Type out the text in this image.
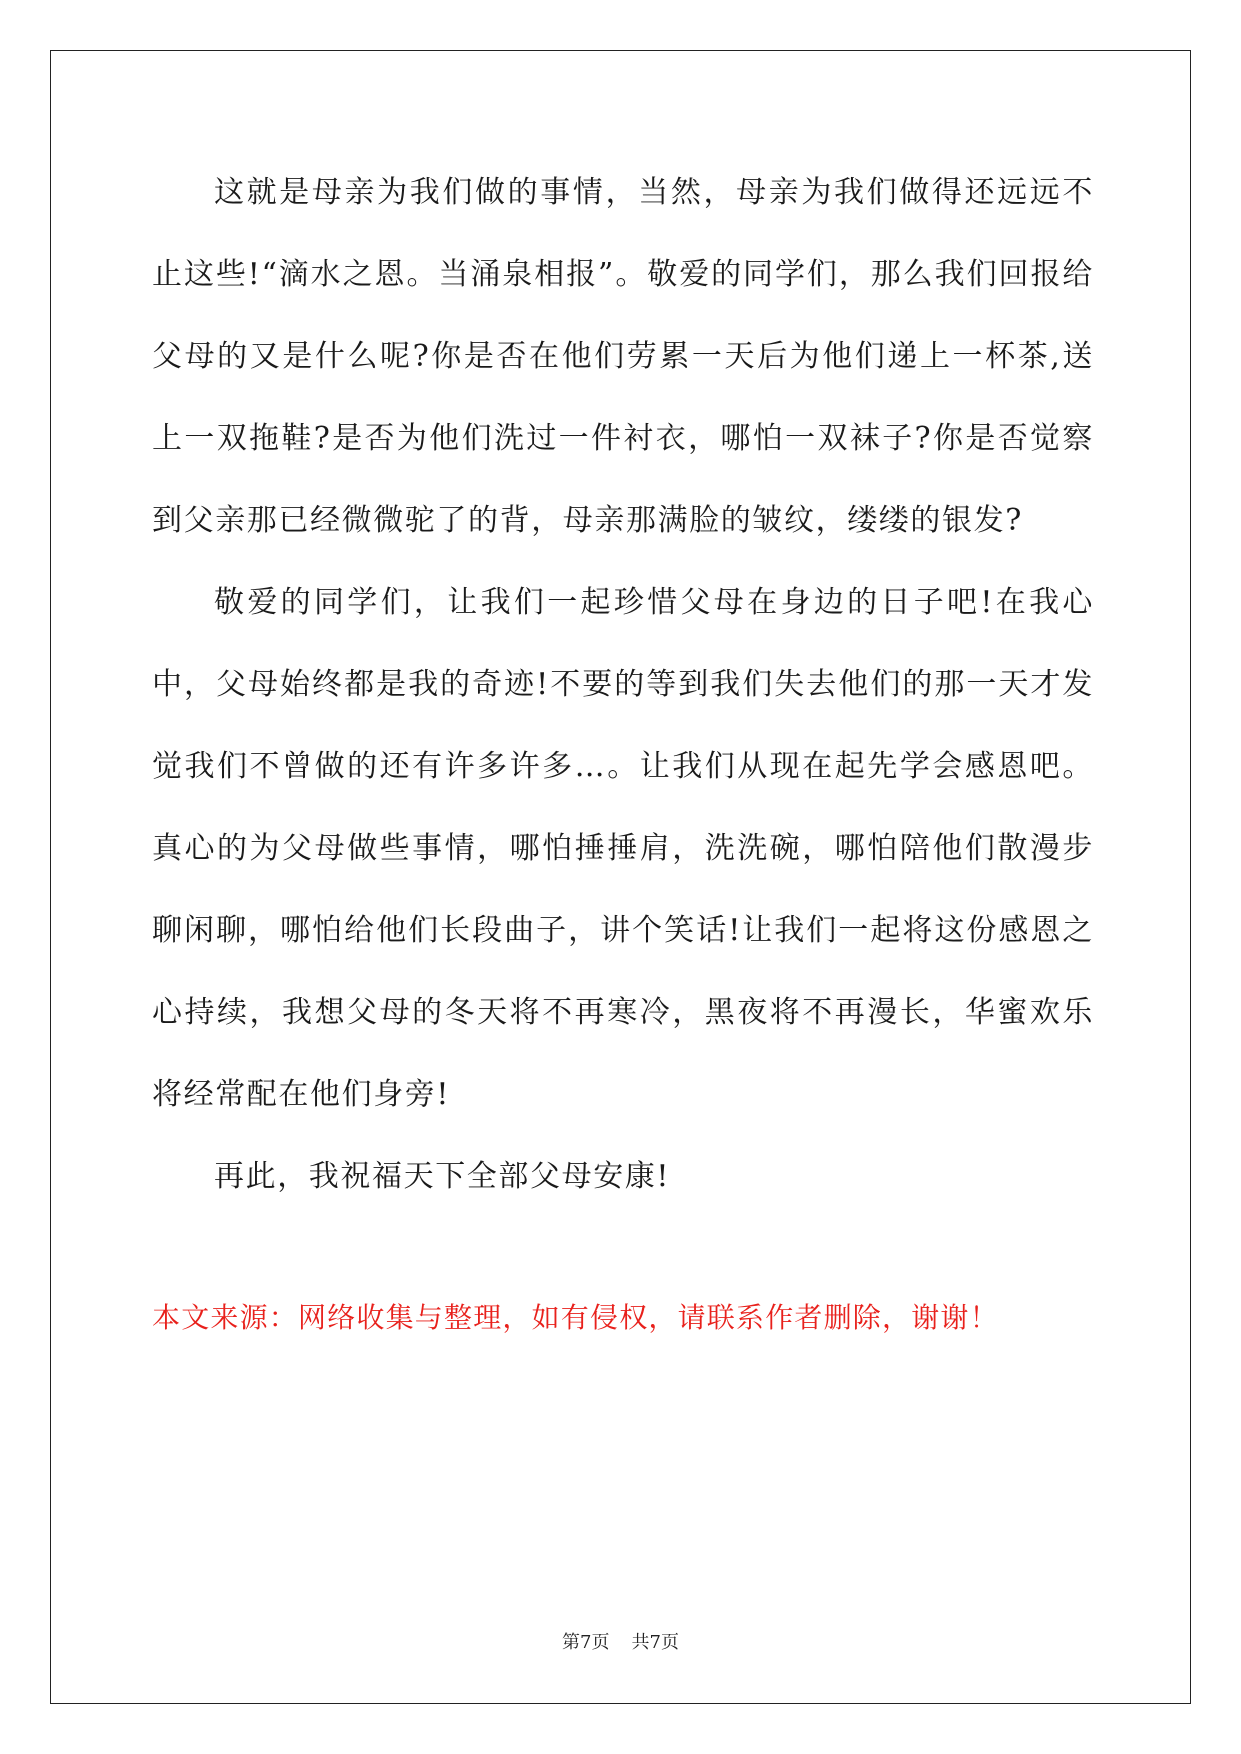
这就是母亲为我们做的事情，当然，母亲为我们做得还远远不止这些!“滴水之恩。当涌泉相报”。敬爱的同学们，那么我们回报给父母的又是什么呢?你是否在他们劳累一天后为他们递上一杯茶,送上一双拖鞋?是否为他们洗过一件衬衣，哪怕一双袜子?你是否觉察到父亲那已经微微驼了的背，母亲那满脸的皱纹，缕缕的银发?

敬爱的同学们，让我们一起珍惜父母在身边的日子吧!在我心中，父母始终都是我的奇迹!不要的等到我们失去他们的那一天才发觉我们不曾做的还有许多许多…。让我们从现在起先学会感恩吧。真心的为父母做些事情，哪怕捶捶肩，洗洗碗，哪怕陪他们散漫步聊闲聊，哪怕给他们长段曲子，讲个笑话!让我们一起将这份感恩之心持续，我想父母的冬天将不再寒冷，黑夜将不再漫长，华蜜欢乐将经常配在他们身旁!

再此，我祝福天下全部父母安康!

本文来源：网络收集与整理，如有侵权，请联系作者删除，谢谢！

第7页 共7页
